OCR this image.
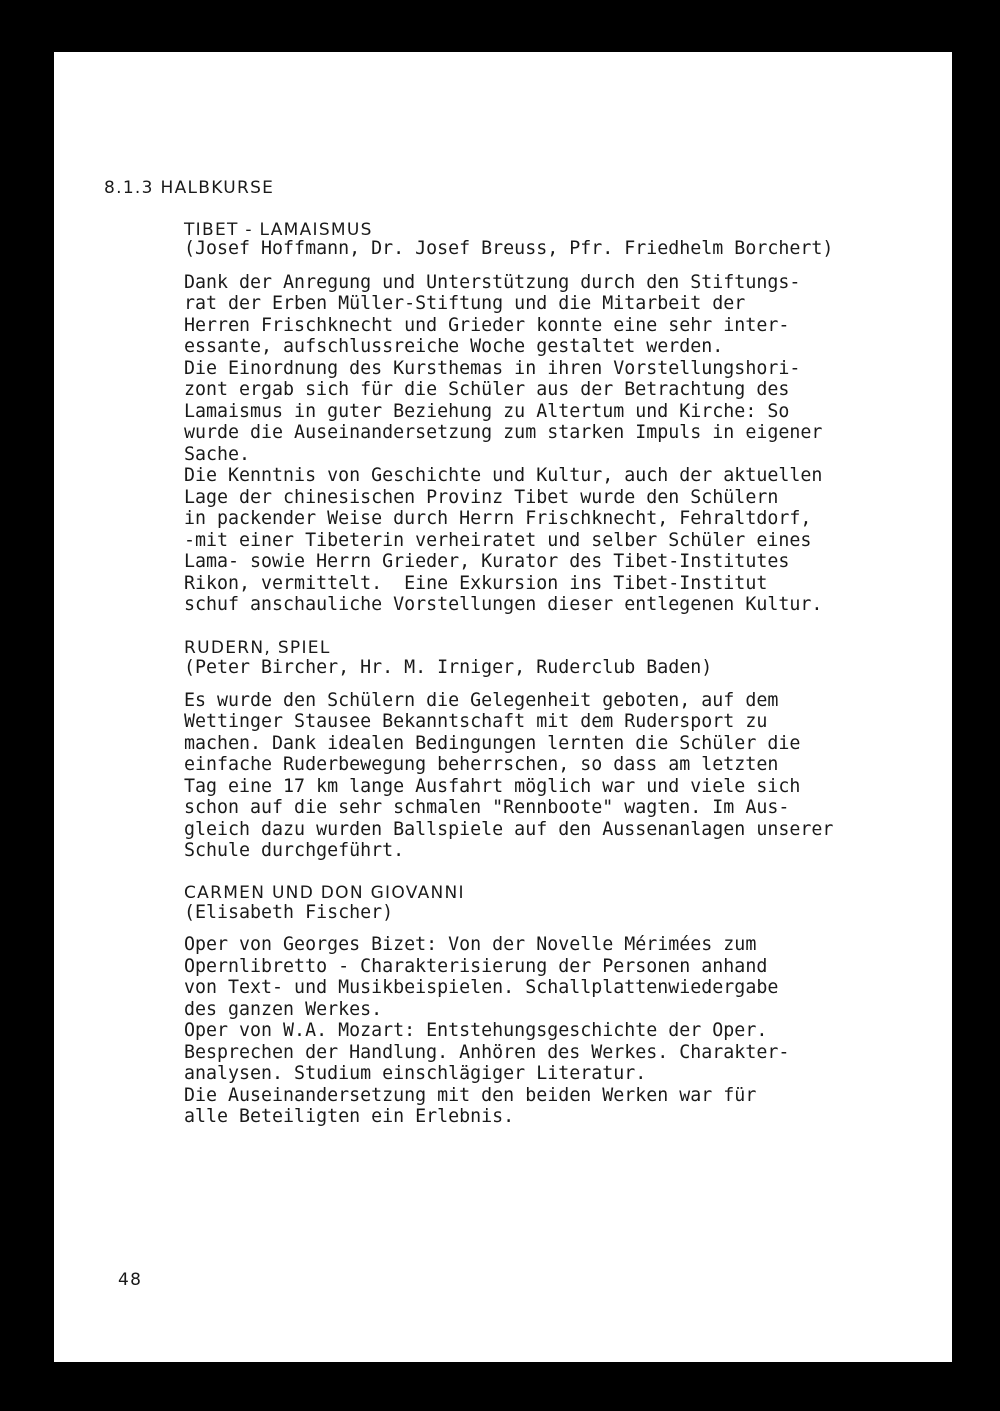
8.1.3 HALBKURSE
TIBET - LAMAISMUS
(Josef Hoffmann, Dr. Josef Breuss, Pfr. Friedhelm Borchert)
Dank der Anregung und Unterstützung durch den Stiftungs-
rat der Erben Müller-Stiftung und die Mitarbeit der
Herren Frischknecht und Grieder konnte eine sehr inter-
essante, aufschlussreiche Woche gestaltet werden.
Die Einordnung des Kursthemas in ihren Vorstellungshori-
zont ergab sich für die Schüler aus der Betrachtung des
Lamaismus in guter Beziehung zu Altertum und Kirche: So
wurde die Auseinandersetzung zum starken Impuls in eigener
Sache.
Die Kenntnis von Geschichte und Kultur, auch der aktuellen
Lage der chinesischen Provinz Tibet wurde den Schülern
in packender Weise durch Herrn Frischknecht, Fehraltdorf,
-mit einer Tibeterin verheiratet und selber Schüler eines
Lama- sowie Herrn Grieder, Kurator des Tibet-Institutes
Rikon, vermittelt.  Eine Exkursion ins Tibet-Institut
schuf anschauliche Vorstellungen dieser entlegenen Kultur.
RUDERN, SPIEL
(Peter Bircher, Hr. M. Irniger, Ruderclub Baden)
Es wurde den Schülern die Gelegenheit geboten, auf dem
Wettinger Stausee Bekanntschaft mit dem Rudersport zu
machen. Dank idealen Bedingungen lernten die Schüler die
einfache Ruderbewegung beherrschen, so dass am letzten
Tag eine 17 km lange Ausfahrt möglich war und viele sich
schon auf die sehr schmalen "Rennboote" wagten. Im Aus-
gleich dazu wurden Ballspiele auf den Aussenanlagen unserer
Schule durchgeführt.
CARMEN UND DON GIOVANNI
(Elisabeth Fischer)
Oper von Georges Bizet: Von der Novelle Mérimées zum
Opernlibretto - Charakterisierung der Personen anhand
von Text- und Musikbeispielen. Schallplattenwiedergabe
des ganzen Werkes.
Oper von W.A. Mozart: Entstehungsgeschichte der Oper.
Besprechen der Handlung. Anhören des Werkes. Charakter-
analysen. Studium einschlägiger Literatur.
Die Auseinandersetzung mit den beiden Werken war für
alle Beteiligten ein Erlebnis.
48
